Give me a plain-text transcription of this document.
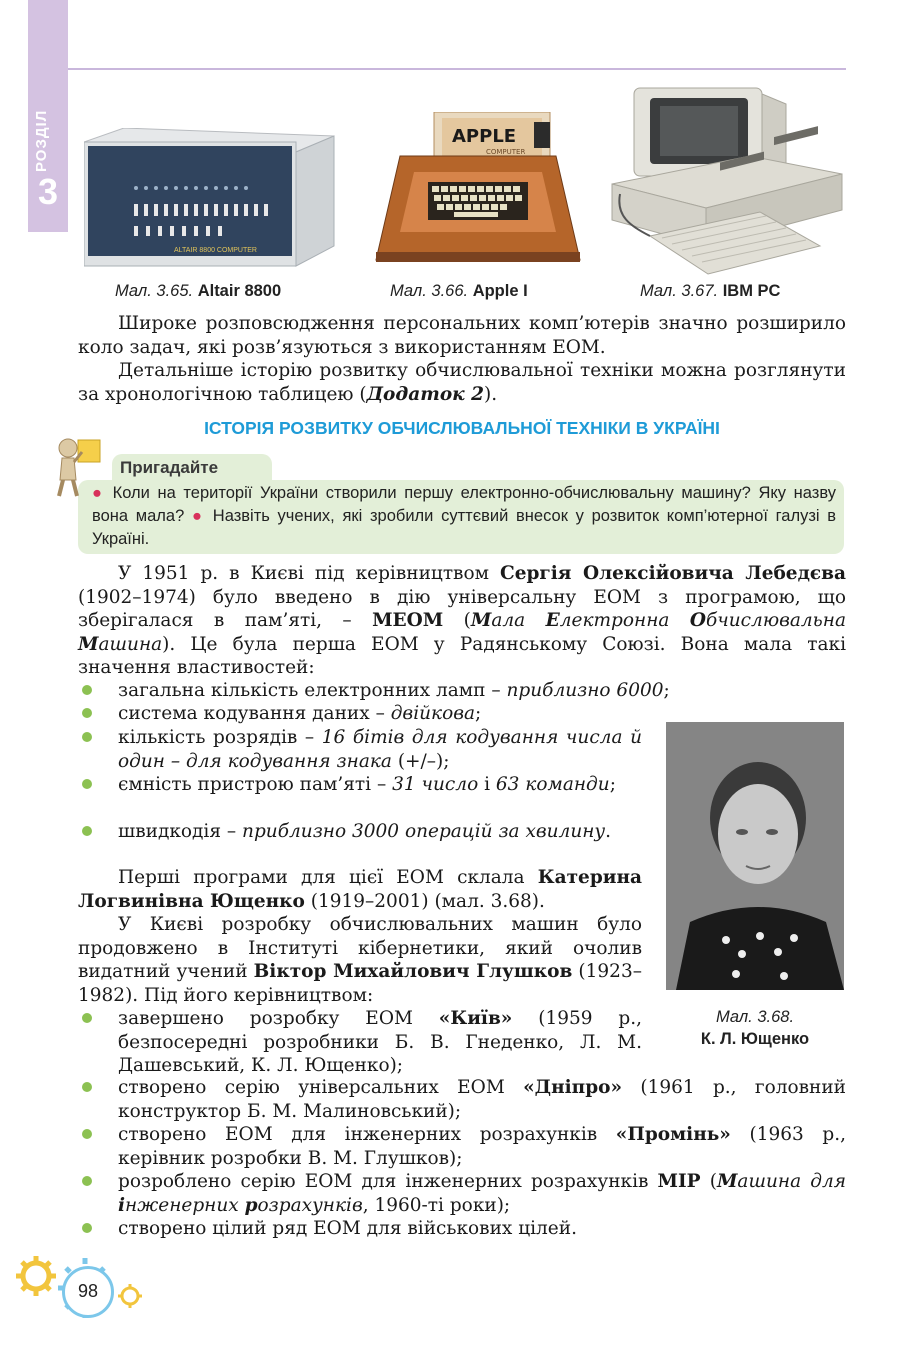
РОЗДІЛ
3
ALTAIR 8800 COMPUTER
APPLE
COMPUTER
Мал. 3.65. Altair 8800	Мал. 3.66. Apple I	Мал. 3.67. IBM PC
Широке розповсюдження персональних комп’ютерів значно розширило коло задач, які розв’язуються з використанням ЕОМ.
Детальніше історію розвитку обчислювальної техніки можна розглянути за хронологічною таблицею (Додаток 2).
ІСТОРІЯ РОЗВИТКУ ОБЧИСЛЮВАЛЬНОЇ ТЕХНІКИ В УКРАЇНІ
Пригадайте
● Коли на території України створили першу електронно-обчислювальну машину? Яку назву вона мала? ● Назвіть учених, які зробили суттєвий внесок у розвиток комп’ютерної галузі в Україні.
У 1951 р. в Києві під керівництвом Сергія Олексійовича Лебедєва (1902–1974) було введено в дію універсальну ЕОМ з програмою, що зберігалася в пам’яті, – МЕОМ (Мала Електронна Обчислювальна Машина). Це була перша ЕОМ у Радянському Союзі. Вона мала такі значення властивостей:
загальна кількість електронних ламп – приблизно 6000;
система кодування даних – двійкова;
кількість розрядів – 16 бітів для кодування числа й один – для кодування знака (+/–);
ємність пристрою пам’яті – 31 число і 63 команди;
швидкодія – приблизно 3000 операцій за хвилину.
Перші програми для цієї ЕОМ склала Катерина Логвинівна Ющенко (1919–2001) (мал. 3.68).
У Києві розробку обчислювальних машин було продовжено в Інституті кібернетики, який очолив видатний учений Віктор Михайлович Глушков (1923–1982). Під його керівництвом:
Мал. 3.68.
К. Л. Ющенко
завершено розробку ЕОМ «Київ» (1959 р., безпосередні розробники Б. В. Гнеденко, Л. М. Дашевський, К. Л. Ющенко);
створено серію універсальних ЕОМ «Дніпро» (1961 р., головний конструктор Б. М. Малиновський);
створено ЕОМ для інженерних розрахунків «Промінь» (1963 р., керівник розробки В. М. Глушков);
розроблено серію ЕОМ для інженерних розрахунків МІР (Машина для інженерних розрахунків, 1960-ті роки);
створено цілий ряд ЕОМ для військових цілей.
98
